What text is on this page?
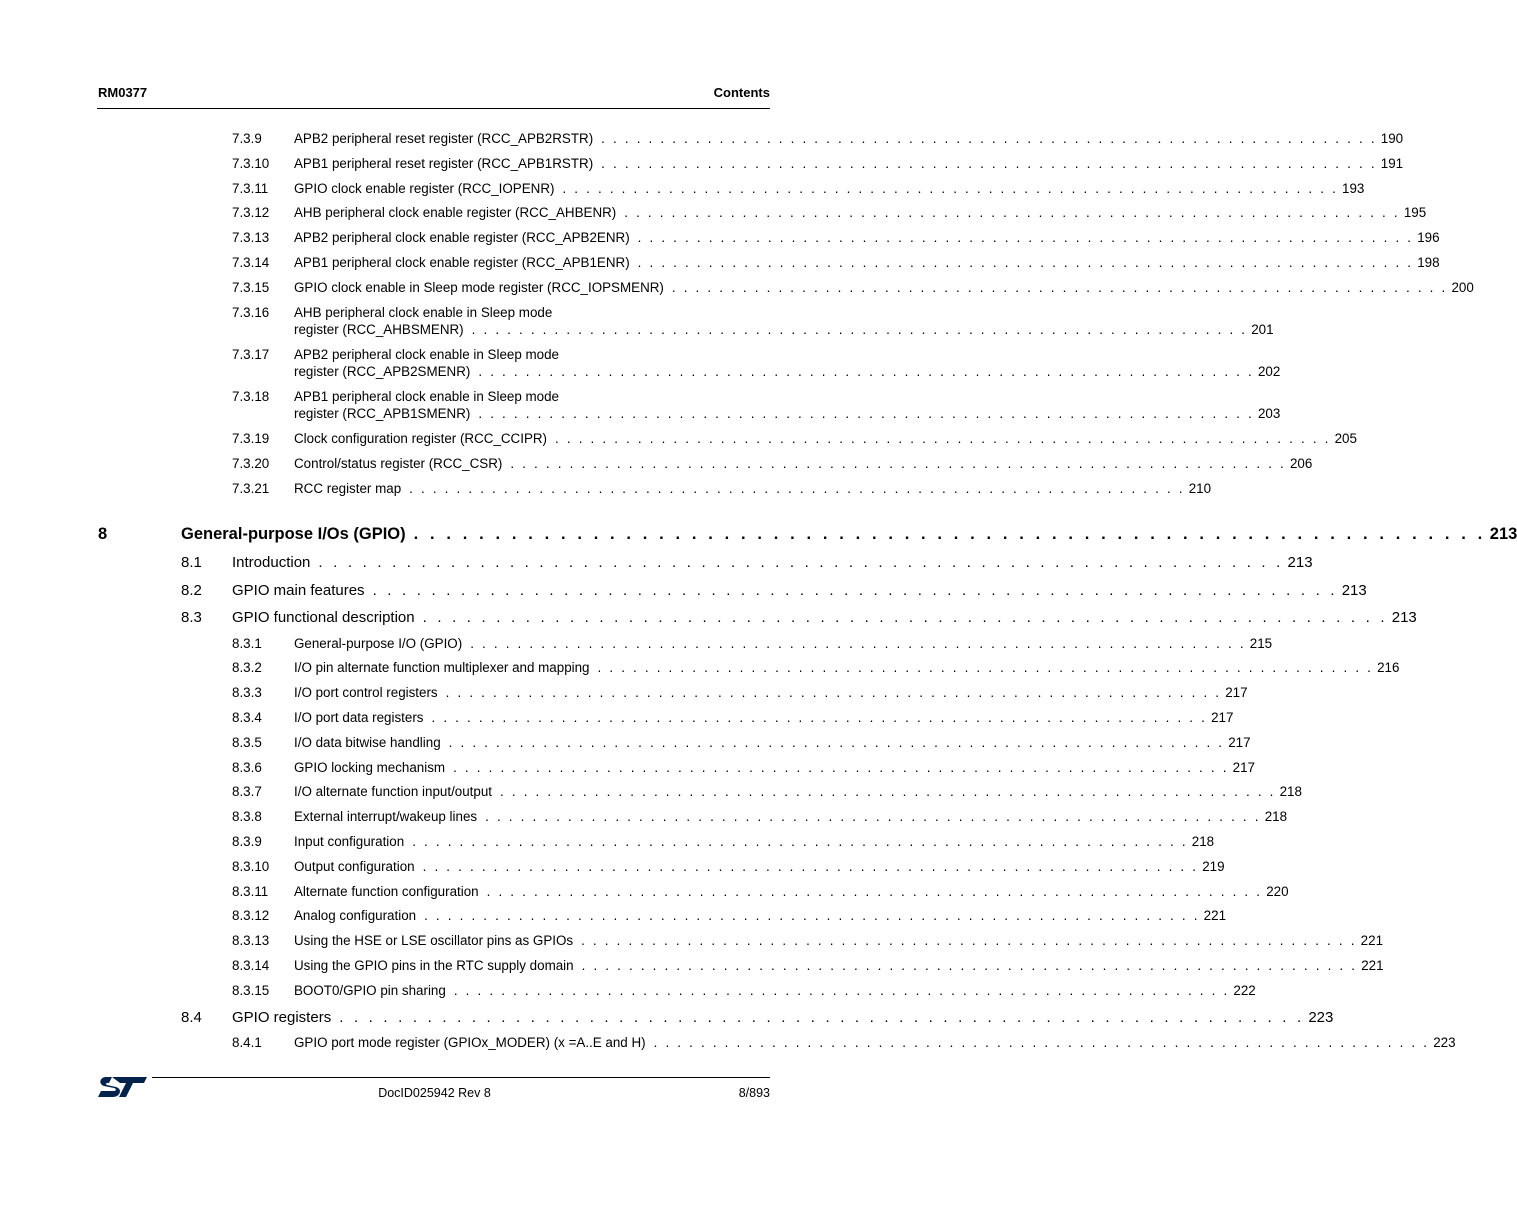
RM0377	Contents
7.3.9 APB2 peripheral reset register (RCC_APB2RSTR) . . . . . . . . . . . . . . . . . . . . . . . . . . . . . . . . . . . . . . . . . . . . . . . . . . . . . . . . . . . . . . . . . . 190
7.3.10 APB1 peripheral reset register (RCC_APB1RSTR) . . . . . . . . . . . . . . . . . . . . . . . . . . . . . . . . . . . . . . . . . . . . . . . . . . . . . . . . . . . . . . . . . . 191
7.3.11 GPIO clock enable register (RCC_IOPENR) . . . . . . . . . . . . . . . . . . . . . . . . . . . . . . . . . . . . . . . . . . . . . . . . . . . . . . . . . . . . . . . . . . 193
7.3.12 AHB peripheral clock enable register (RCC_AHBENR) . . . . . . . . . . . . . . . . . . . . . . . . . . . . . . . . . . . . . . . . . . . . . . . . . . . . . . . . . . . . . . . . . . 195
7.3.13 APB2 peripheral clock enable register (RCC_APB2ENR) . . . . . . . . . . . . . . . . . . . . . . . . . . . . . . . . . . . . . . . . . . . . . . . . . . . . . . . . . . . . . . . . . . 196
7.3.14 APB1 peripheral clock enable register (RCC_APB1ENR) . . . . . . . . . . . . . . . . . . . . . . . . . . . . . . . . . . . . . . . . . . . . . . . . . . . . . . . . . . . . . . . . . . 198
7.3.15 GPIO clock enable in Sleep mode register (RCC_IOPSMENR) . . . . . . . . . . . . . . . . . . . . . . . . . . . . . . . . . . . . . . . . . . . . . . . . . . . . . . . . . . . . . . . . . . 200
7.3.16 AHB peripheral clock enable in Sleep mode
register (RCC_AHBSMENR) . . . . . . . . . . . . . . . . . . . . . . . . . . . . . . . . . . . . . . . . . . . . . . . . . . . . . . . . . . . . . . . . . . 201
7.3.17 APB2 peripheral clock enable in Sleep mode
register (RCC_APB2SMENR) . . . . . . . . . . . . . . . . . . . . . . . . . . . . . . . . . . . . . . . . . . . . . . . . . . . . . . . . . . . . . . . . . . 202
7.3.18 APB1 peripheral clock enable in Sleep mode
register (RCC_APB1SMENR) . . . . . . . . . . . . . . . . . . . . . . . . . . . . . . . . . . . . . . . . . . . . . . . . . . . . . . . . . . . . . . . . . . 203
7.3.19 Clock configuration register (RCC_CCIPR) . . . . . . . . . . . . . . . . . . . . . . . . . . . . . . . . . . . . . . . . . . . . . . . . . . . . . . . . . . . . . . . . . . 205
7.3.20 Control/status register (RCC_CSR) . . . . . . . . . . . . . . . . . . . . . . . . . . . . . . . . . . . . . . . . . . . . . . . . . . . . . . . . . . . . . . . . . . 206
7.3.21 RCC register map . . . . . . . . . . . . . . . . . . . . . . . . . . . . . . . . . . . . . . . . . . . . . . . . . . . . . . . . . . . . . . . . . . 210
8	General-purpose I/Os (GPIO) . . . . . . . . . . . . . . . . . . . . . . . . . . . . . . . . . . . . . . . . . . . . . . . . . . . . . . . . . . . . . . . . . . 213
8.1 Introduction . . . . . . . . . . . . . . . . . . . . . . . . . . . . . . . . . . . . . . . . . . . . . . . . . . . . . . . . . . . . . . . . . . 213
8.2 GPIO main features . . . . . . . . . . . . . . . . . . . . . . . . . . . . . . . . . . . . . . . . . . . . . . . . . . . . . . . . . . . . . . . . . . 213
8.3 GPIO functional description . . . . . . . . . . . . . . . . . . . . . . . . . . . . . . . . . . . . . . . . . . . . . . . . . . . . . . . . . . . . . . . . . . 213
8.3.1 General-purpose I/O (GPIO) . . . . . . . . . . . . . . . . . . . . . . . . . . . . . . . . . . . . . . . . . . . . . . . . . . . . . . . . . . . . . . . . . . 215
8.3.2 I/O pin alternate function multiplexer and mapping . . . . . . . . . . . . . . . . . . . . . . . . . . . . . . . . . . . . . . . . . . . . . . . . . . . . . . . . . . . . . . . . . . 216
8.3.3 I/O port control registers . . . . . . . . . . . . . . . . . . . . . . . . . . . . . . . . . . . . . . . . . . . . . . . . . . . . . . . . . . . . . . . . . . 217
8.3.4 I/O port data registers . . . . . . . . . . . . . . . . . . . . . . . . . . . . . . . . . . . . . . . . . . . . . . . . . . . . . . . . . . . . . . . . . . 217
8.3.5 I/O data bitwise handling . . . . . . . . . . . . . . . . . . . . . . . . . . . . . . . . . . . . . . . . . . . . . . . . . . . . . . . . . . . . . . . . . . 217
8.3.6 GPIO locking mechanism . . . . . . . . . . . . . . . . . . . . . . . . . . . . . . . . . . . . . . . . . . . . . . . . . . . . . . . . . . . . . . . . . . 217
8.3.7 I/O alternate function input/output . . . . . . . . . . . . . . . . . . . . . . . . . . . . . . . . . . . . . . . . . . . . . . . . . . . . . . . . . . . . . . . . . . 218
8.3.8 External interrupt/wakeup lines . . . . . . . . . . . . . . . . . . . . . . . . . . . . . . . . . . . . . . . . . . . . . . . . . . . . . . . . . . . . . . . . . . 218
8.3.9 Input configuration . . . . . . . . . . . . . . . . . . . . . . . . . . . . . . . . . . . . . . . . . . . . . . . . . . . . . . . . . . . . . . . . . . 218
8.3.10 Output configuration . . . . . . . . . . . . . . . . . . . . . . . . . . . . . . . . . . . . . . . . . . . . . . . . . . . . . . . . . . . . . . . . . . 219
8.3.11 Alternate function configuration . . . . . . . . . . . . . . . . . . . . . . . . . . . . . . . . . . . . . . . . . . . . . . . . . . . . . . . . . . . . . . . . . . 220
8.3.12 Analog configuration . . . . . . . . . . . . . . . . . . . . . . . . . . . . . . . . . . . . . . . . . . . . . . . . . . . . . . . . . . . . . . . . . . 221
8.3.13 Using the HSE or LSE oscillator pins as GPIOs . . . . . . . . . . . . . . . . . . . . . . . . . . . . . . . . . . . . . . . . . . . . . . . . . . . . . . . . . . . . . . . . . . 221
8.3.14 Using the GPIO pins in the RTC supply domain . . . . . . . . . . . . . . . . . . . . . . . . . . . . . . . . . . . . . . . . . . . . . . . . . . . . . . . . . . . . . . . . . . 221
8.3.15 BOOT0/GPIO pin sharing . . . . . . . . . . . . . . . . . . . . . . . . . . . . . . . . . . . . . . . . . . . . . . . . . . . . . . . . . . . . . . . . . . 222
8.4 GPIO registers . . . . . . . . . . . . . . . . . . . . . . . . . . . . . . . . . . . . . . . . . . . . . . . . . . . . . . . . . . . . . . . . . . 223
8.4.1 GPIO port mode register (GPIOx_MODER) (x =A..E and H) . . . . . . . . . . . . . . . . . . . . . . . . . . . . . . . . . . . . . . . . . . . . . . . . . . . . . . . . . . . . . . . . . . 223
DocID025942 Rev 8	8/893
